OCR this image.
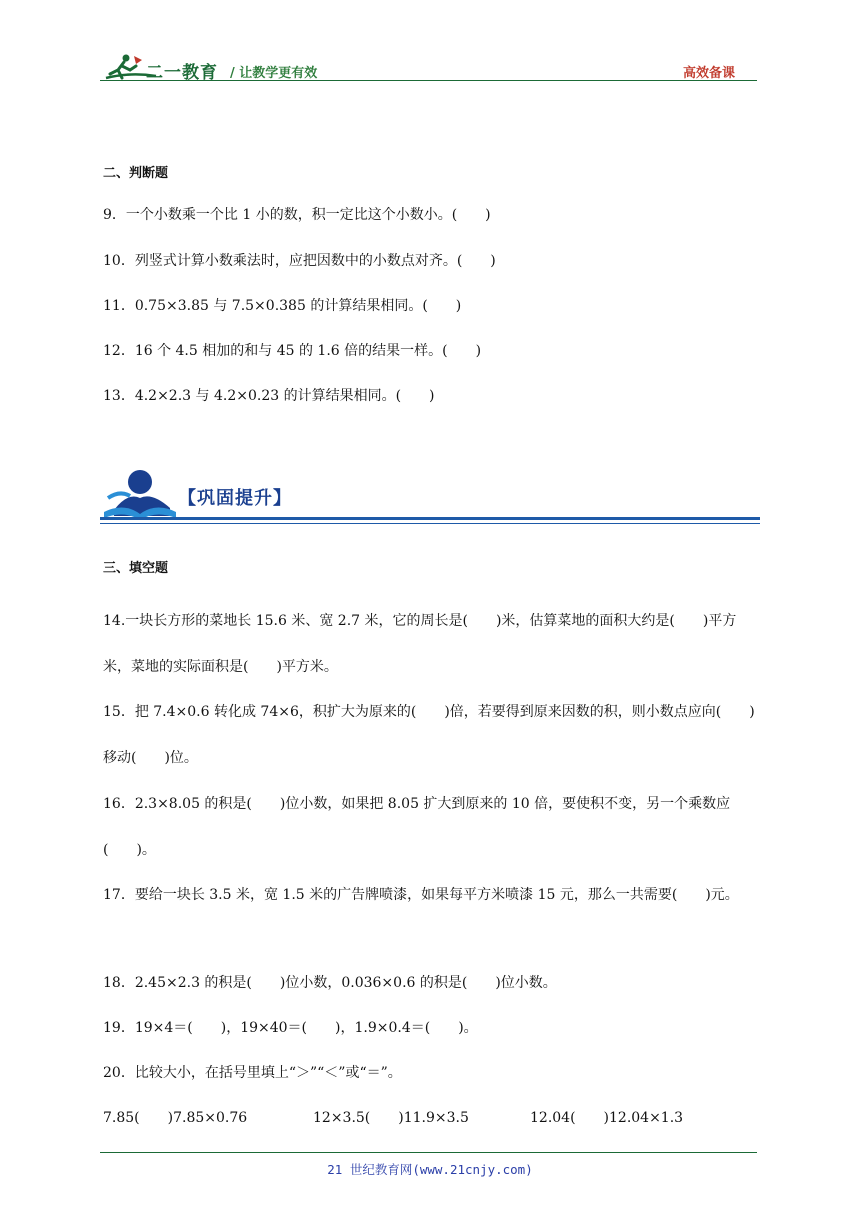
二一教育 / 让教学更有效	高效备课
二、判断题
9．一个小数乘一个比 1 小的数，积一定比这个小数小。(　　)
10．列竖式计算小数乘法时，应把因数中的小数点对齐。(　　)
11．0.75×3.85 与 7.5×0.385 的计算结果相同。(　　)
12．16 个 4.5 相加的和与 45 的 1.6 倍的结果一样。(　　)
13．4.2×2.3 与 4.2×0.23 的计算结果相同。(　　)
【巩固提升】
三、填空题
14.一块长方形的菜地长 15.6 米、宽 2.7 米，它的周长是(　　)米，估算菜地的面积大约是(　　)平方米，菜地的实际面积是(　　)平方米。
15．把 7.4×0.6 转化成 74×6，积扩大为原来的(　　)倍，若要得到原来因数的积，则小数点应向(　　)移动(　　)位。
16．2.3×8.05 的积是(　　)位小数，如果把 8.05 扩大到原来的 10 倍，要使积不变，另一个乘数应(　　)。
17．要给一块长 3.5 米，宽 1.5 米的广告牌喷漆，如果每平方米喷漆 15 元，那么一共需要(　　)元。
18．2.45×2.3 的积是(　　)位小数，0.036×0.6 的积是(　　)位小数。
19．19×4＝(　　)，19×40＝(　　)，1.9×0.4＝(　　)。
20．比较大小，在括号里填上“＞”“＜”或“＝”。
7.85(　　)7.85×0.76	12×3.5(　　)11.9×3.5	12.04(　　)12.04×1.3
21 世纪教育网(www.21cnjy.com)
